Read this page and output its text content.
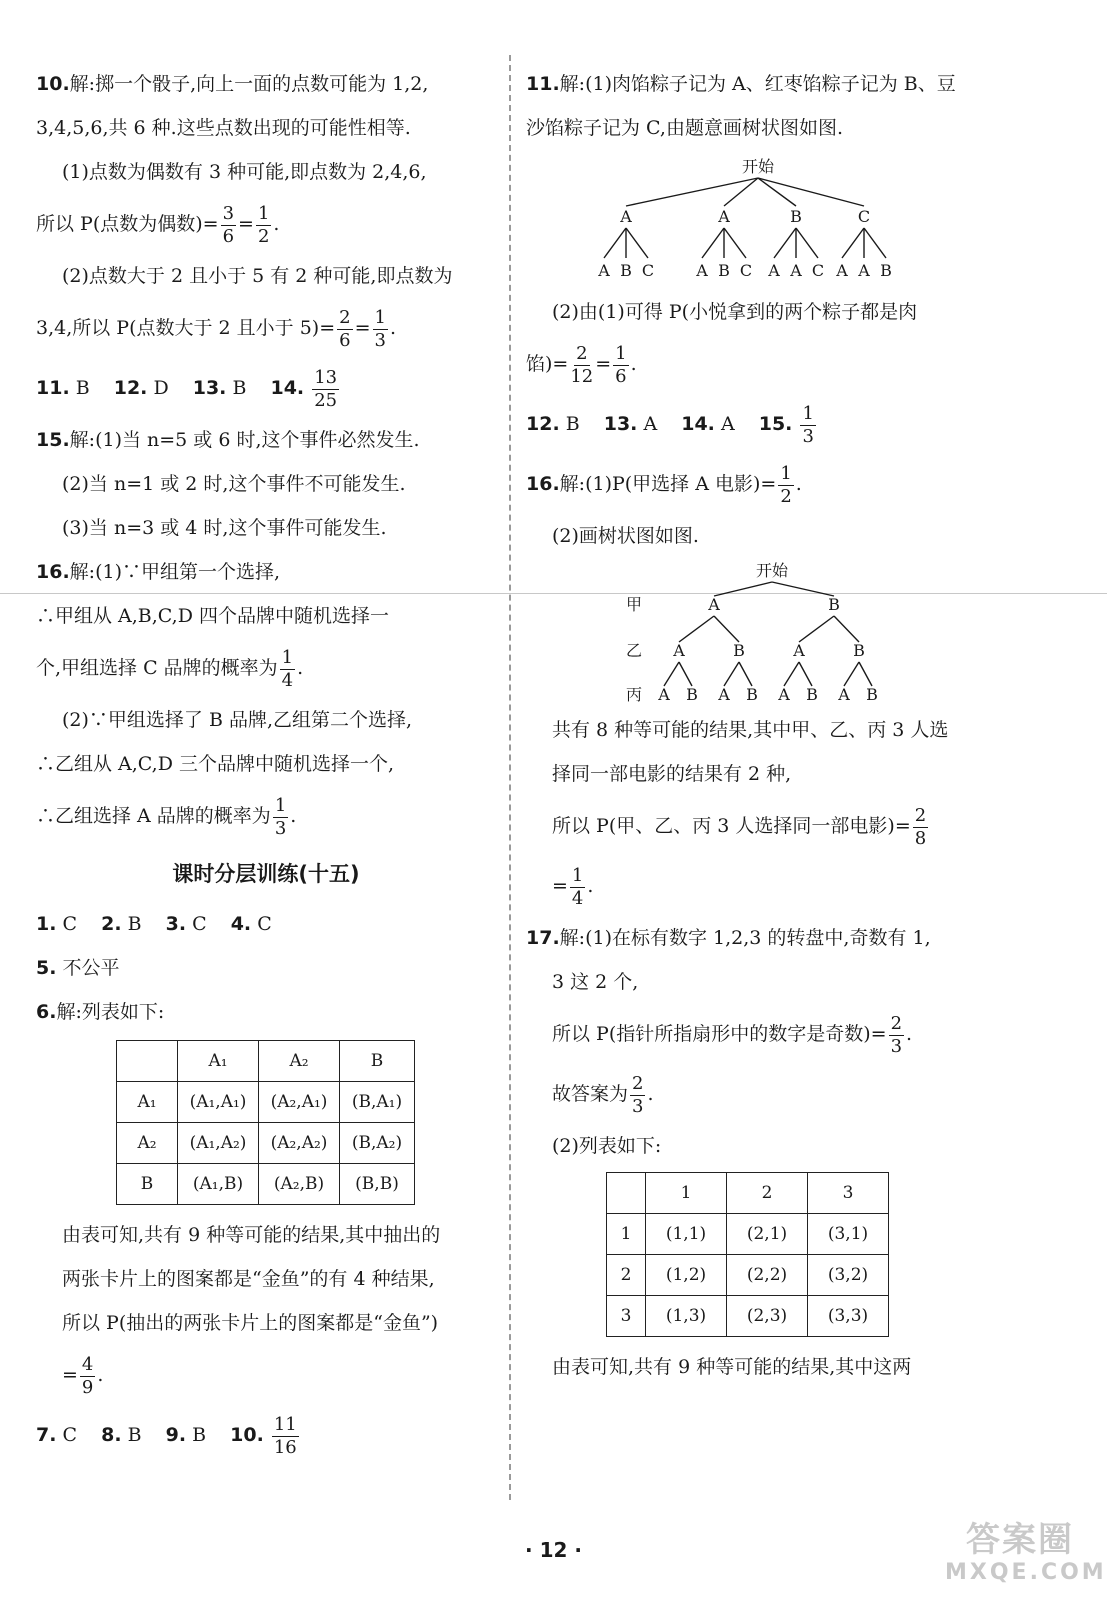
10.解:掷一个骰子,向上一面的点数可能为 1,2,
3,4,5,6,共 6 种.这些点数出现的可能性相等.
(1)点数为偶数有 3 种可能,即点数为 2,4,6,
所以 P(点数为偶数)= $\frac{3}{6} = \frac{1}{2}$ .
(2)点数大于 2 且小于 5 有 2 种可能,即点数为
3,4,所以 P(点数大于 2 且小于 $5)= \frac{2}{6} = \frac{1}{3}$ .
11. B 12. D 13. B 14. $\frac{13}{25}$
15.解:(1)当 n=5 或 6 时,这个事件必然发生.
(2)当 n=1 或 2 时,这个事件不可能发生.
(3)当 n=3 或 4 时,这个事件可能发生.
16.解:(1)∵甲组第一个选择,
∴甲组从 A,B,C,D 四个品牌中随机选择一
个,甲组选择 C 品牌的概率为 $\frac{1}{4}$ .
(2)∵甲组选择了 B 品牌,乙组第二个选择,
∴乙组从 A,C,D 三个品牌中随机选择一个,
∴乙组选择 A 品牌的概率为 $\frac{1}{3}$ .
课时分层训练(十五)
1. C 2. B 3. C 4. C
5. 不公平
6.解:列表如下:
	A₁	A₂	B
A₁	(A₁,A₁)	(A₂,A₁)	(B,A₁)
A₂	(A₁,A₂)	(A₂,A₂)	(B,A₂)
B	(A₁,B)	(A₂,B)	(B,B)
由表可知,共有 9 种等可能的结果,其中抽出的
两张卡片上的图案都是“金鱼”的有 4 种结果,
所以 P(抽出的两张卡片上的图案都是“金鱼”)
= $\frac{4}{9}$ .
7. C 8. B 9. B 10. $\frac{11}{16}$
11.解:(1)肉馅粽子记为 A、红枣馅粽子记为 B、豆
沙馅粽子记为 C,由题意画树状图如图.
开始
A
A B C
A
A B C
B
A A C
C
A A B
(2)由(1)可得 P(小悦拿到的两个粽子都是肉
馅)= $\frac{2}{12} = \frac{1}{6}$ .
12. B 13. A 14. A 15. $\frac{1}{3}$
16.解:(1)P(甲选择 A 电影)= $\frac{1}{2}$ .
(2)画树状图如图.
开始
甲
乙
丙
A	B
A	B	A	B
A B A B A B A B
共有 8 种等可能的结果,其中甲、乙、丙 3 人选
择同一部电影的结果有 2 种,
所以 P(甲、乙、丙 3 人选择同一部电影)= $\frac{2}{8}$
= $\frac{1}{4}$ .
17.解:(1)在标有数字 1,2,3 的转盘中,奇数有 1,
3 这 2 个,
所以 P(指针所指扇形中的数字是奇数)= $\frac{2}{3}$ .
故答案为 $\frac{2}{3}$ .
(2)列表如下:
	1	2	3
1	(1,1)	(2,1)	(3,1)
2	(1,2)	(2,2)	(3,2)
3	(1,3)	(2,3)	(3,3)
由表可知,共有 9 种等可能的结果,其中这两
· 12 ·	答案圈
MXQE.COM
